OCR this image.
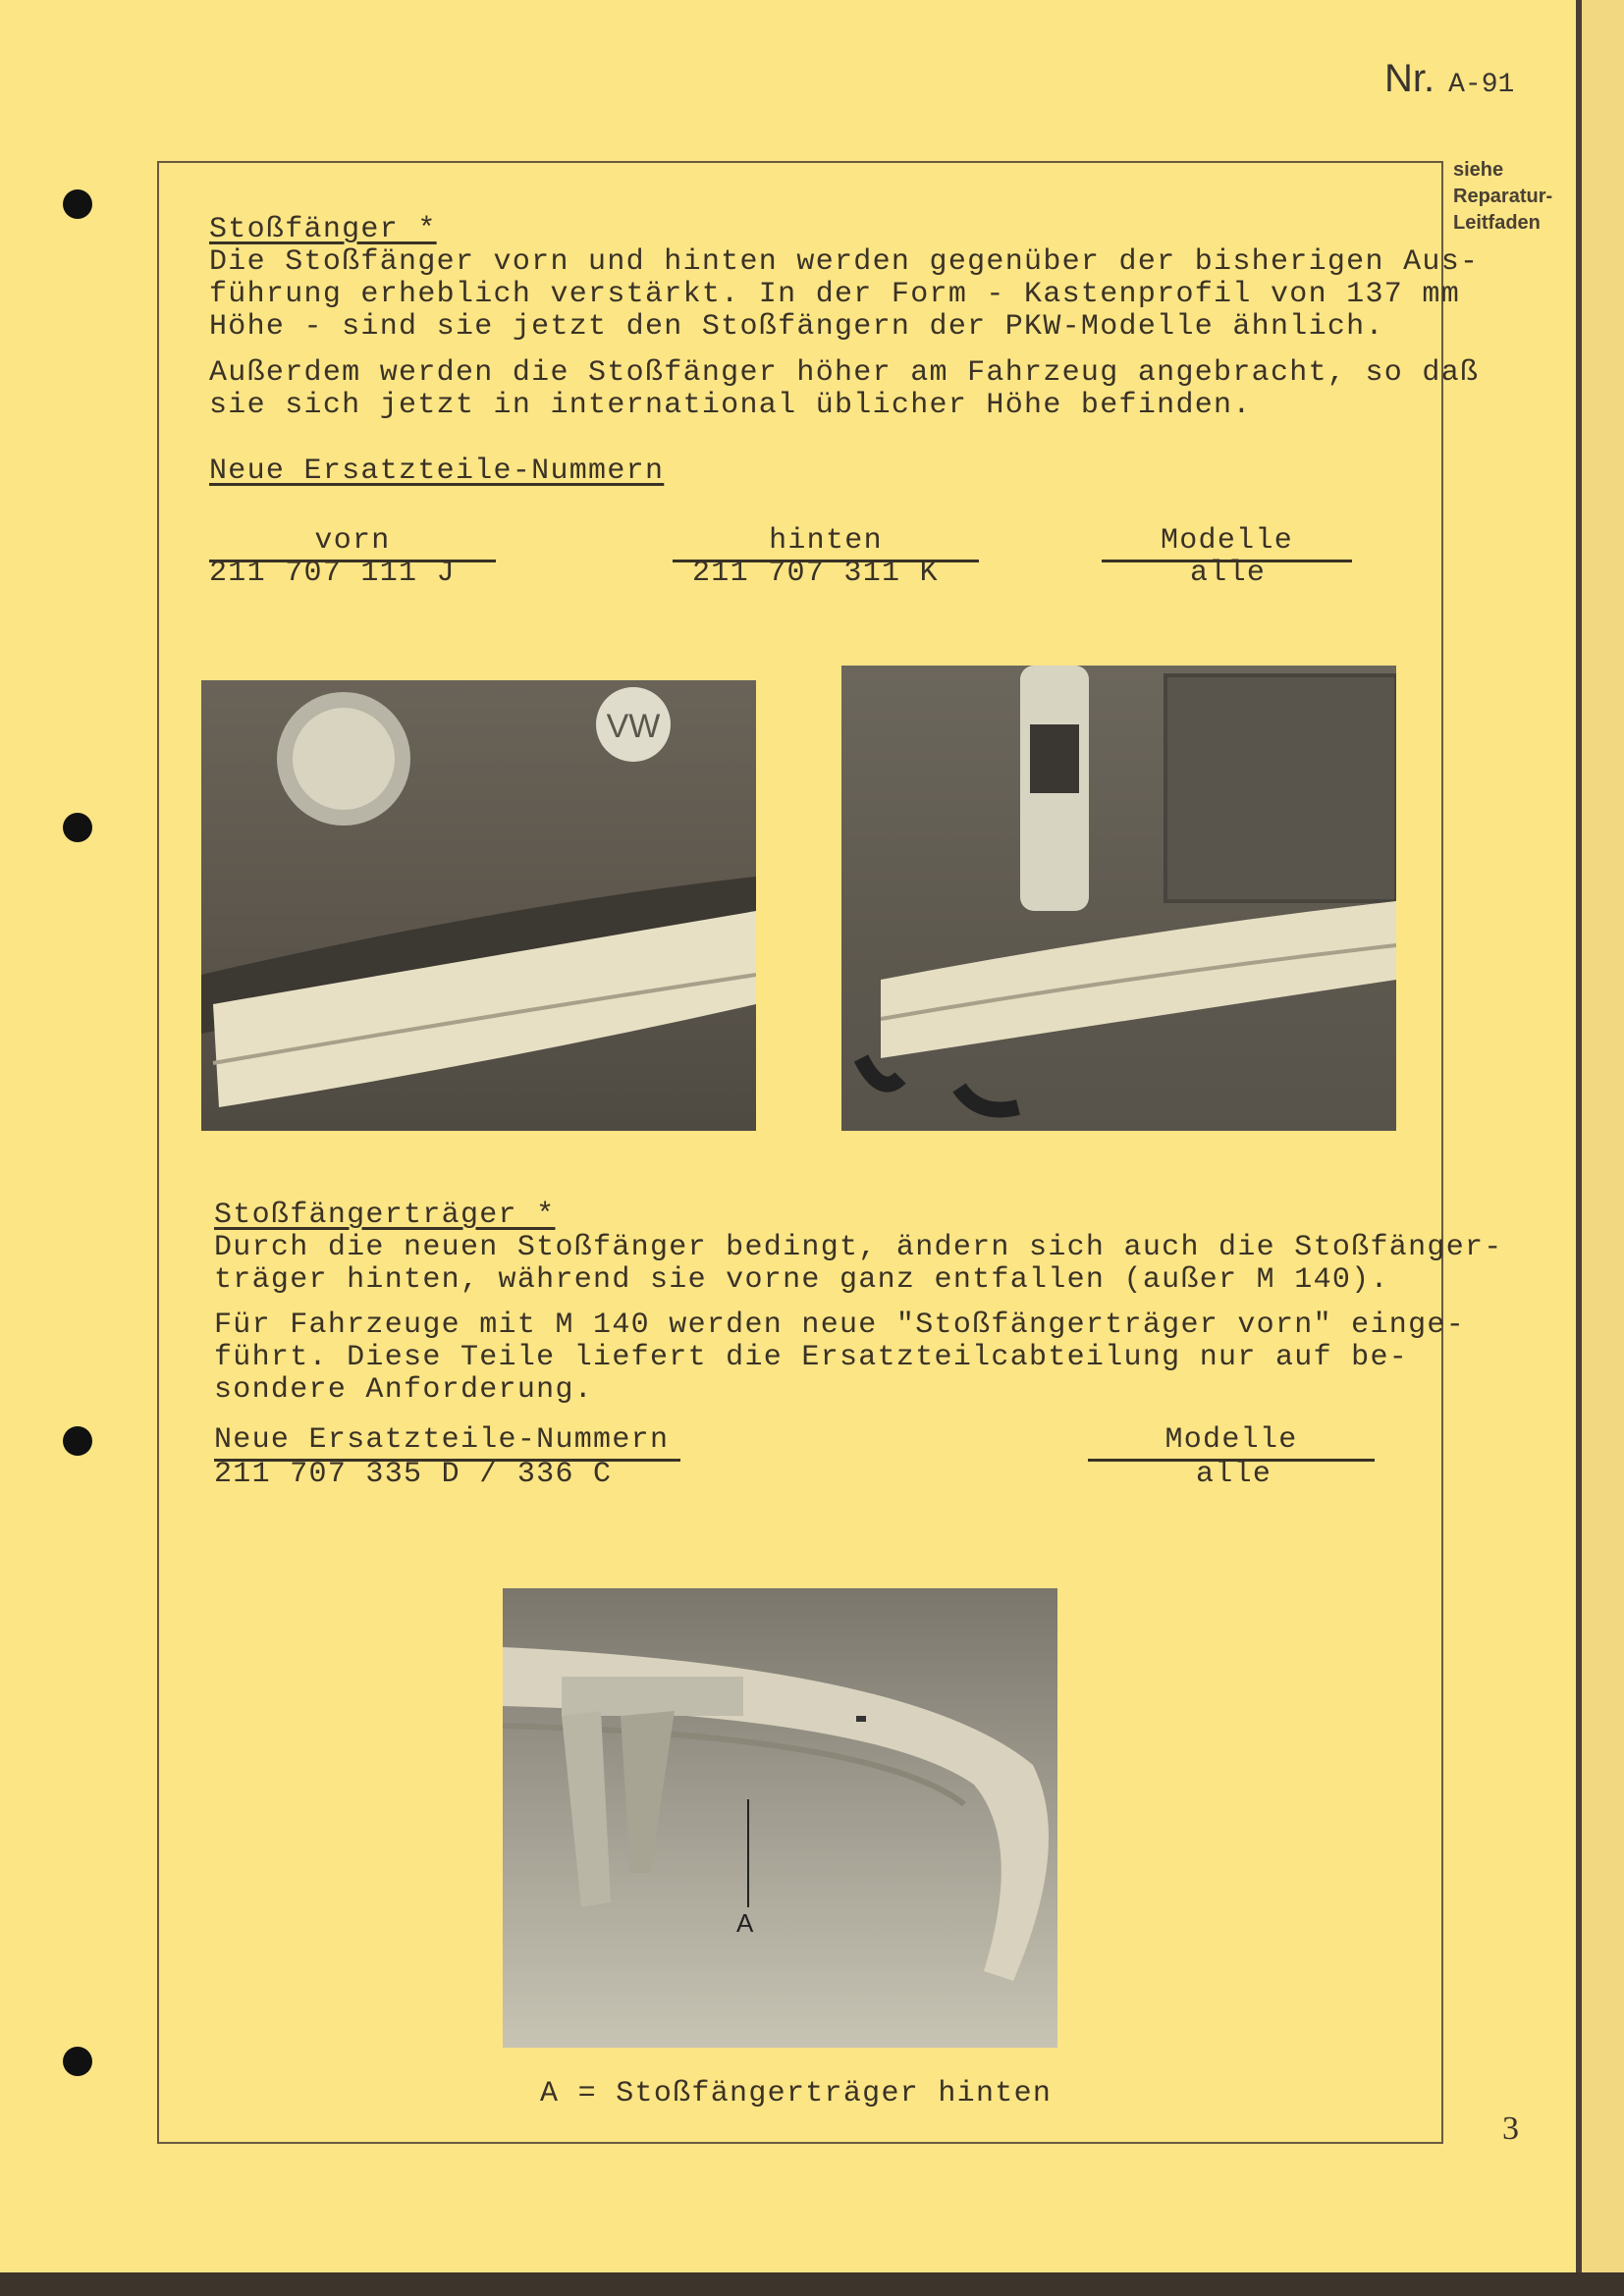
Nr. A-91
siehe
Reparatur-
Leitfaden
Stoßfänger *
Die Stoßfänger vorn und hinten werden gegenüber der bisherigen Aus-
führung erheblich verstärkt. In der Form - Kastenprofil von 137 mm
Höhe - sind sie jetzt den Stoßfängern der PKW-Modelle ähnlich.
Außerdem werden die Stoßfänger höher am Fahrzeug angebracht, so daß
sie sich jetzt in international üblicher Höhe befinden.
Neue Ersatzteile-Nummern
vorn
211 707 111 J
hinten
211 707 311 K
Modelle
alle
VW
Stoßfängerträger *
Durch die neuen Stoßfänger bedingt, ändern sich auch die Stoßfänger-
träger hinten, während sie vorne ganz entfallen (außer M 140).
Für Fahrzeuge mit M 140 werden neue "Stoßfängerträger vorn" einge-
führt. Diese Teile liefert die Ersatzteilcabteilung nur auf be-
sondere Anforderung.
Neue Ersatzteile-Nummern
211 707 335 D / 336 C
Modelle
alle
A
A = Stoßfängerträger hinten
3
